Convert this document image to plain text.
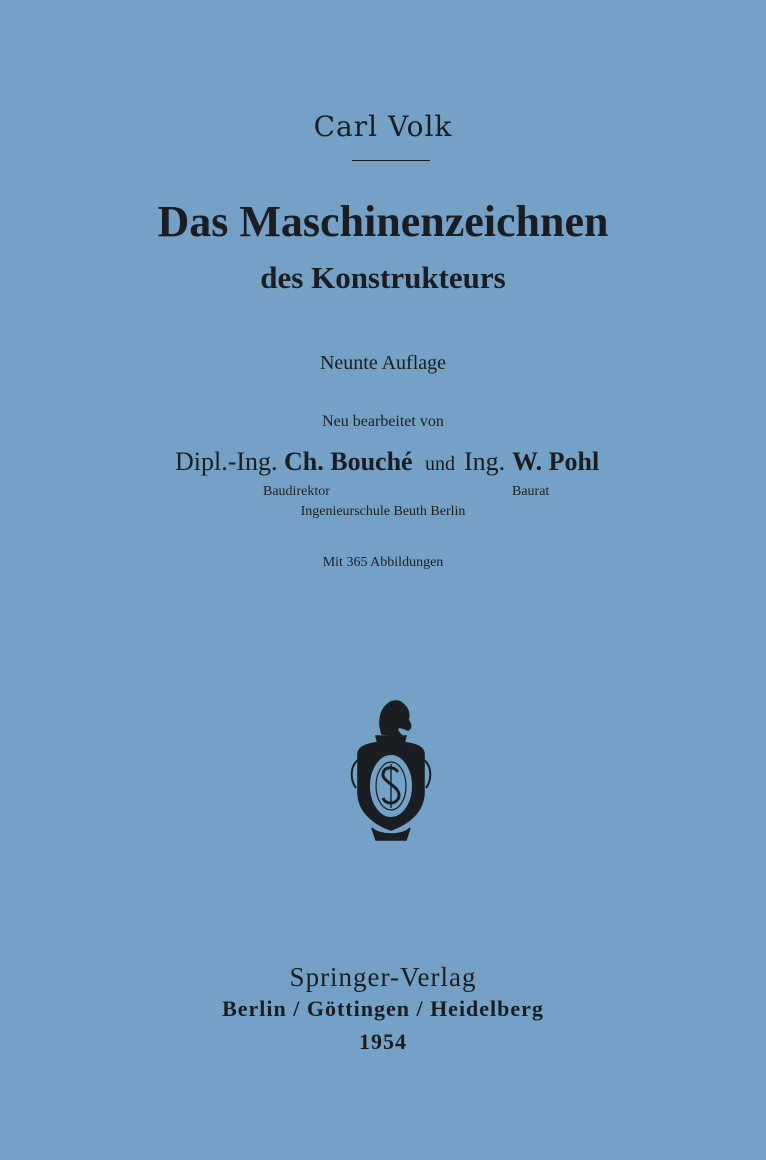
Carl Volk
Das Maschinenzeichnen
des Konstrukteurs
Neunte Auflage
Neu bearbeitet von
Dipl.-Ing. Ch. Bouché und Ing. W. Pohl
Baudirektor	Baurat
Ingenieurschule Beuth Berlin
Mit 365 Abbildungen
Springer-Verlag
Berlin / Göttingen / Heidelberg
1954
